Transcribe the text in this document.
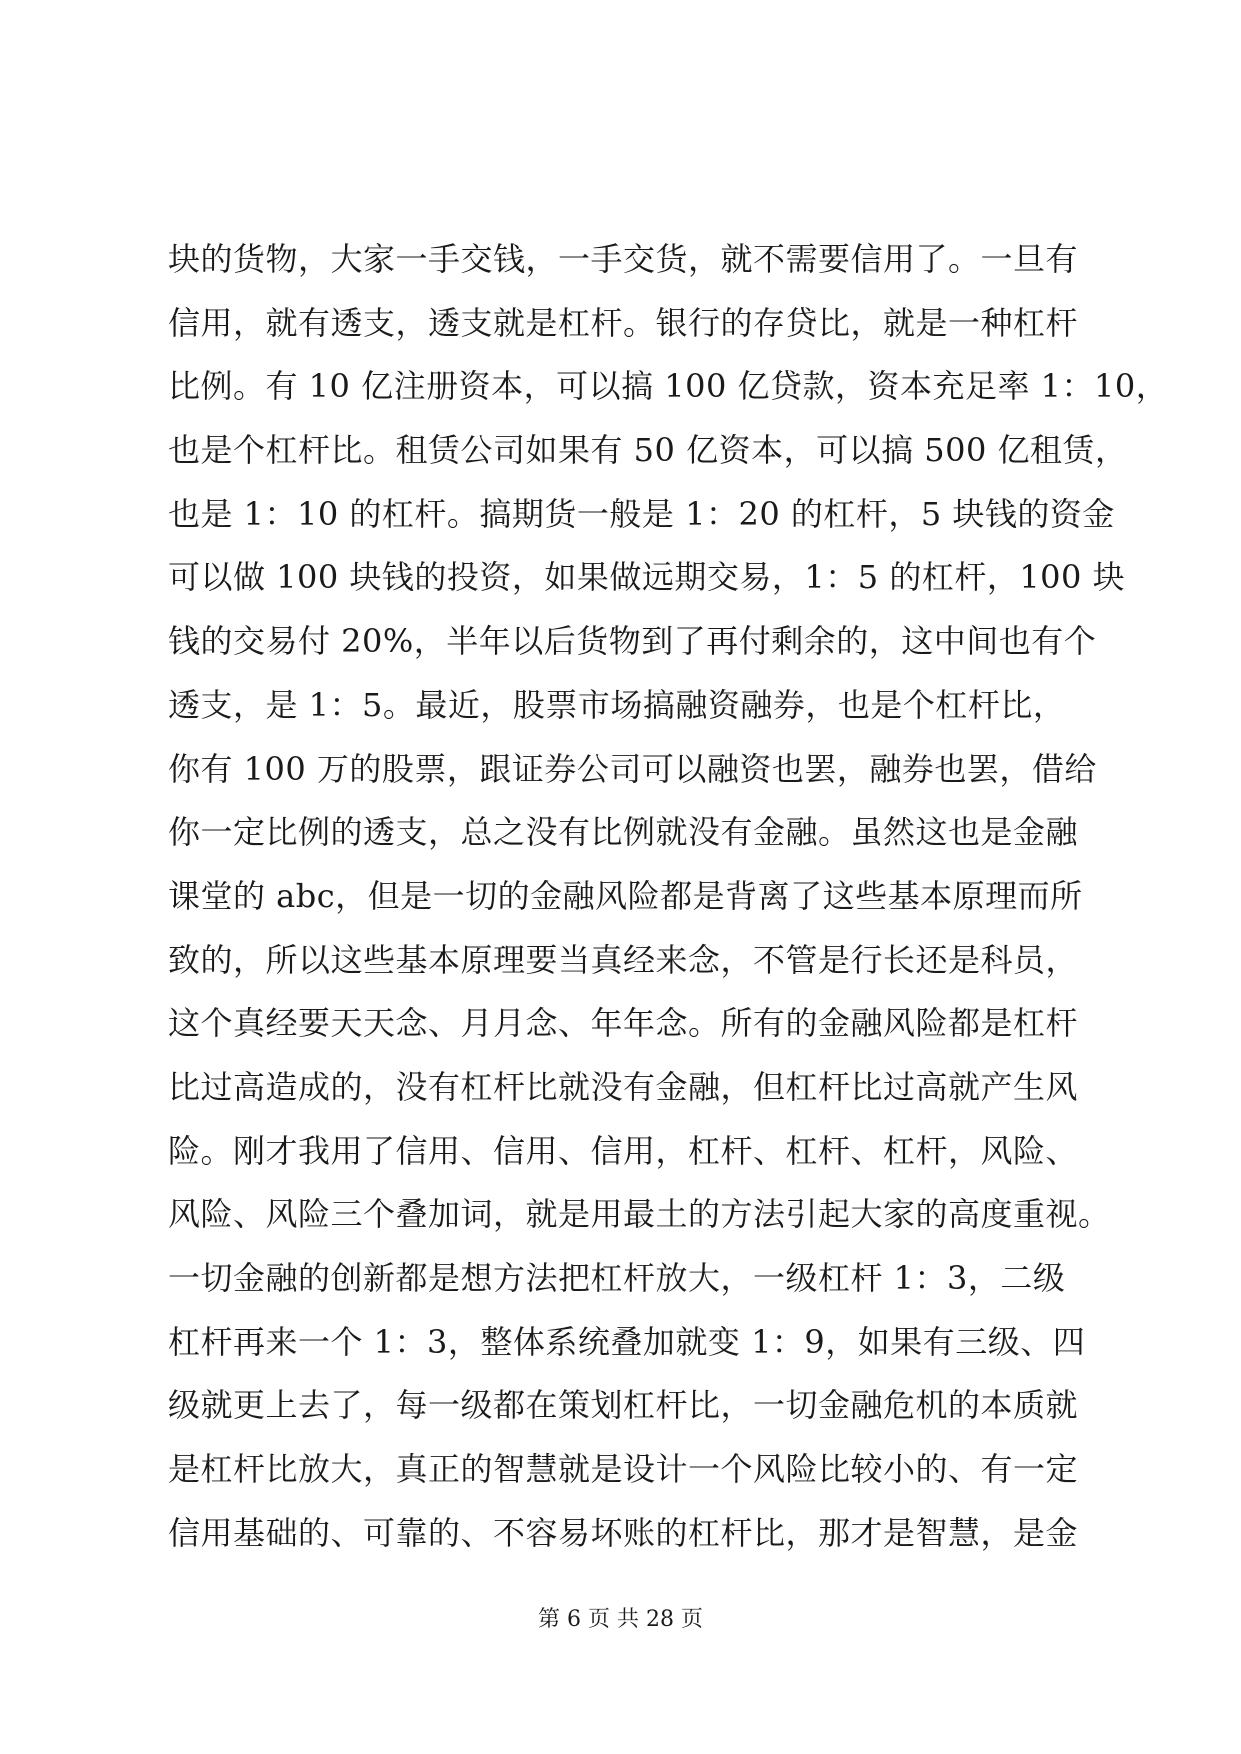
块的货物，大家一手交钱，一手交货，就不需要信用了。一旦有
信用，就有透支，透支就是杠杆。银行的存贷比，就是一种杠杆
比例。有 10 亿注册资本，可以搞 100 亿贷款，资本充足率 1：10，
也是个杠杆比。租赁公司如果有 50 亿资本，可以搞 500 亿租赁，
也是 1：10 的杠杆。搞期货一般是 1：20 的杠杆，5 块钱的资金
可以做 100 块钱的投资，如果做远期交易，1：5 的杠杆，100 块
钱的交易付 20%，半年以后货物到了再付剩余的，这中间也有个
透支，是 1：5。最近，股票市场搞融资融券，也是个杠杆比，
你有 100 万的股票，跟证券公司可以融资也罢，融券也罢，借给
你一定比例的透支，总之没有比例就没有金融。虽然这也是金融
课堂的 abc，但是一切的金融风险都是背离了这些基本原理而所
致的，所以这些基本原理要当真经来念，不管是行长还是科员，
这个真经要天天念、月月念、年年念。所有的金融风险都是杠杆
比过高造成的，没有杠杆比就没有金融，但杠杆比过高就产生风
险。刚才我用了信用、信用、信用，杠杆、杠杆、杠杆，风险、
风险、风险三个叠加词，就是用最土的方法引起大家的高度重视。
一切金融的创新都是想方法把杠杆放大，一级杠杆 1：3，二级
杠杆再来一个 1：3，整体系统叠加就变 1：9，如果有三级、四
级就更上去了，每一级都在策划杠杆比，一切金融危机的本质就
是杠杆比放大，真正的智慧就是设计一个风险比较小的、有一定
信用基础的、可靠的、不容易坏账的杠杆比，那才是智慧，是金
第 6 页 共 28 页
